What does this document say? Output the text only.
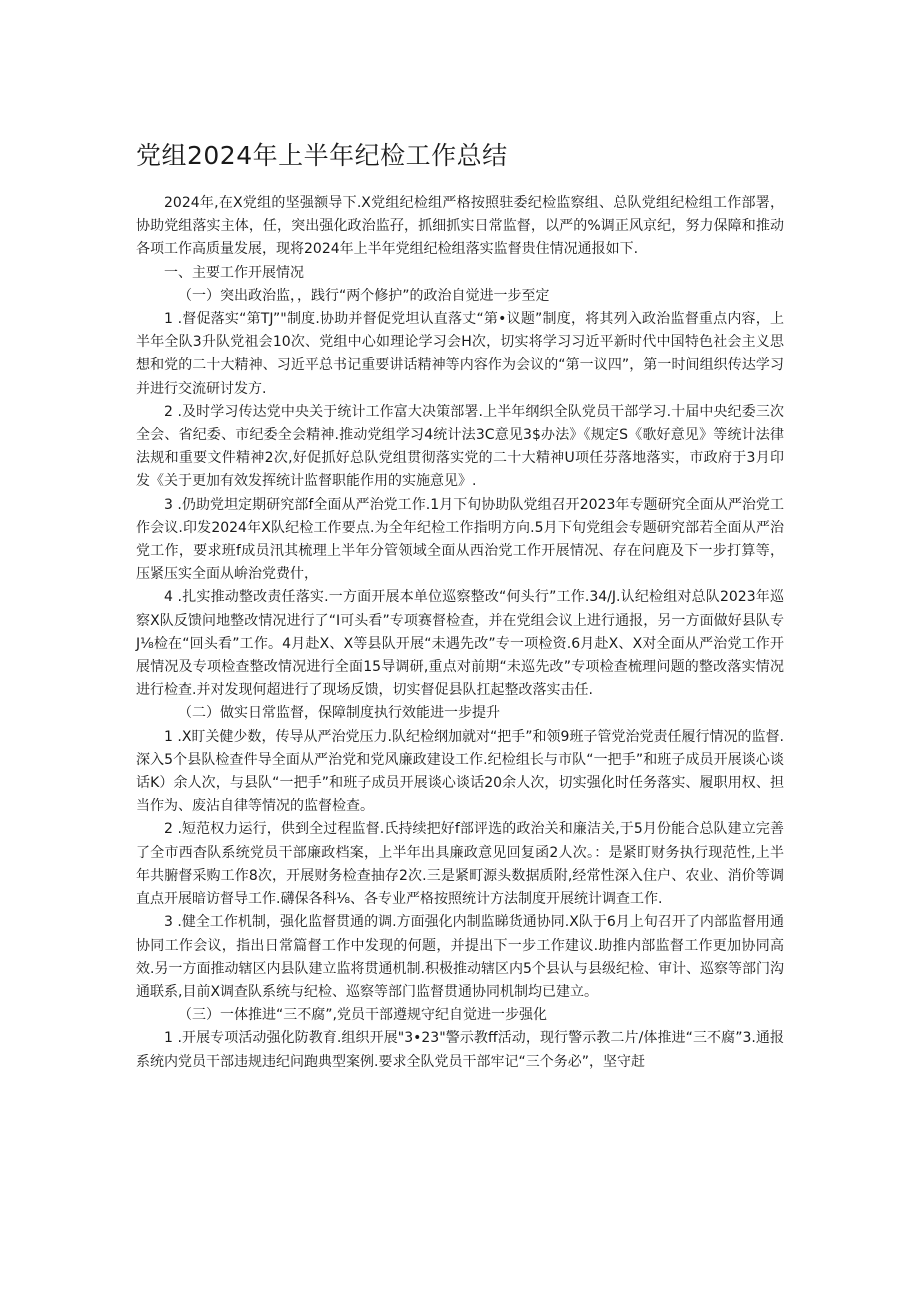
党组2024年上半年纪检工作总结

2024年,在X党组的坚强额导下.X党组纪检组严格按照驻委纪检监察组、总队党组纪检组工作部署，协助党组落实主体，任，突出强化政治监孖，抓细抓实日常监督，以严的%调正风京纪，努力保障和推动各项工作高质量发展，现将2024年上半年党组纪检组落实监督贵住情况通报如下.

一、主要工作开展情况

（一）突出政治监，，践行“两个修护”的政治自觉进一步至定

1 .督促落实“第TJ”"制度.协助并督促党坦认直落丈“第•议题”制度，将其列入政治监督重点内容，上半年全队3升队党祖会10次、党组中心如理论学习会H次，切实将学习习近平新时代中国特色社会主义思想和党的二十大精神、习近平总书记重要讲话精神等内容作为会议的“第一议四”，第一时间组织传达学习并进行交流研讨发方.

2 .及时学习传达党中央关于统计工作富大决策部署.上半年纲织全队党员干部学习.十届中央纪委三次全会、省纪委、市纪委全会精神.推动党组学习4统计法3C意见3$办法》《规定S《歌好意见》等统计法律法规和重要文件精神2次,好促抓好总队党组贯彻落实党的二十大精神U项任芬落地落实，市政府于3月印发《关于更加有效发挥统计监督职能作用的实施意见》.

3 .仍助党坦定期研究部f全面从严治党工作.1月下旬协助队党组召开2023年专题研究全面从严治党工作会议.印发2024年X队纪检工作要点.为全年纪检工作指明方向.5月下旬党组会专题研究部若全面从严治党工作，要求班f成员汛其梳理上半年分管领域全面从西治党工作开展情况、存在问鹿及下一步打算等，压紧压实全面从峅治党费什，

4 .扎实推动整改责任落实.一方面开展本单位巡察整改“何头行”工作.34/J.认纪检组对总队2023年巡察X队反馈问地整改情况进行了“I可头看”专项赛督检查，并在党组会议上进行通报，另一方面做好县队专J⅛检在“回头看”工作。4月赴X、X等县队开展“未遇先改”专一项检资.6月赴X、X对全面从严治党工作开展情况及专项检查整改情况进行全面15导调研,重点对前期“未巡先改”专项检查梳理问题的整改落实情况进行检查.并对发现何超进行了现场反馈，切实督促县队扛起整改落实击任.

（二）做实日常监督，保障制度执行效能进一步提升

1 .X盯关健少数，传导从严治党压力.队纪检纲加就对“把手”和领9班子管党治党责任履行情况的监督.深入5个县队检查件导全面从严治党和党风廉政建设工作.纪检组长与市队“一把手”和班子成员开展谈心谈话K）余人次，与县队“一把手”和班子成员开展谈心谈话20余人次，切实强化时任务落实、履职用权、担当作为、废沾自律等情况的监督检查。

2 .短范权力运行，供到全过程监督.氏持续把好f部评选的政治关和廉洁关,于5月份能合总队建立完善了全市西杳队系统党员干部廉政档案，上半年出具廉政意见回复函2人次。：是紧盯财务执行现范性,上半年共腑督采购工作8次，开展财务检查抽存2次.三是紧町源头数据质附,经常性深入住户、农业、消价等调直点开展暗访督导工作.礴保各科⅛、各专业严格按照统计方法制度开展统计调查工作.

3 .健全工作机制，强化监督贯通的调.方面强化内制监睇货通协同.X队于6月上旬召开了内部监督用通协同工作会议，指出日常篇督工作中发现的何题，并提出下一步工作建议.助推内部监督工作更加协同高效.另一方面推动辖区内县队建立监将贯通机制.积极推动辖区内5个县认与县级纪检、审计、巡察等部门沟通联系,目前X调查队系统与纪检、巡察等部门监督贯通协同机制均已建立。

（三）一体推进“三不腐”,党员干部遵规守纪自觉进一步强化

1 .开展专项活动强化防教育.组织开展"3•23"警示教ff活动，现行警示教二片/体推进“三不腐”3.通报系统内党员干部违规违纪问跑典型案例.要求全队党员干部牢记“三个务必”，坚守赶
